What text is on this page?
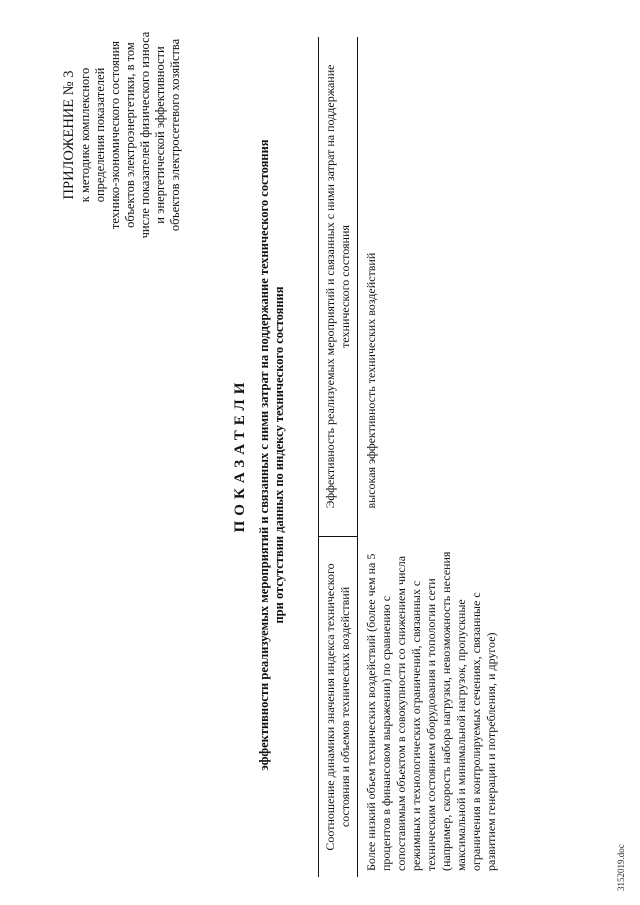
ПРИЛОЖЕНИЕ № 3 к методике комплексного определения показателей технико-экономического состояния объектов электроэнергетики, в том числе показателей физического износа и энергетической эффективности объектов электросетевого хозяйства
ПОКАЗАТЕЛИ эффективности реализуемых мероприятий и связанных с ними затрат на поддержание технического состояния при отсутствии данных по индексу технического состояния
Соотношение динамики значения индекса технического состояния и объемов технических воздействий	Эффективность реализуемых мероприятий и связанных с ними затрат на поддержание технического состояния
Более низкий объем технических воздействий (более чем на 5 процентов в финансовом выражении) по сравнению с сопоставимым объектом в совокупности со снижением числа режимных и технологических ограничений, связанных с техническим состоянием оборудования и топологии сети (например, скорость набора нагрузки, невозможность несения максимальной и минимальной нагрузок, пропускные ограничения в контролируемых сечениях, связанные с развитием генерации и потребления, и другое)	высокая эффективность технических воздействий
3152019.doc
